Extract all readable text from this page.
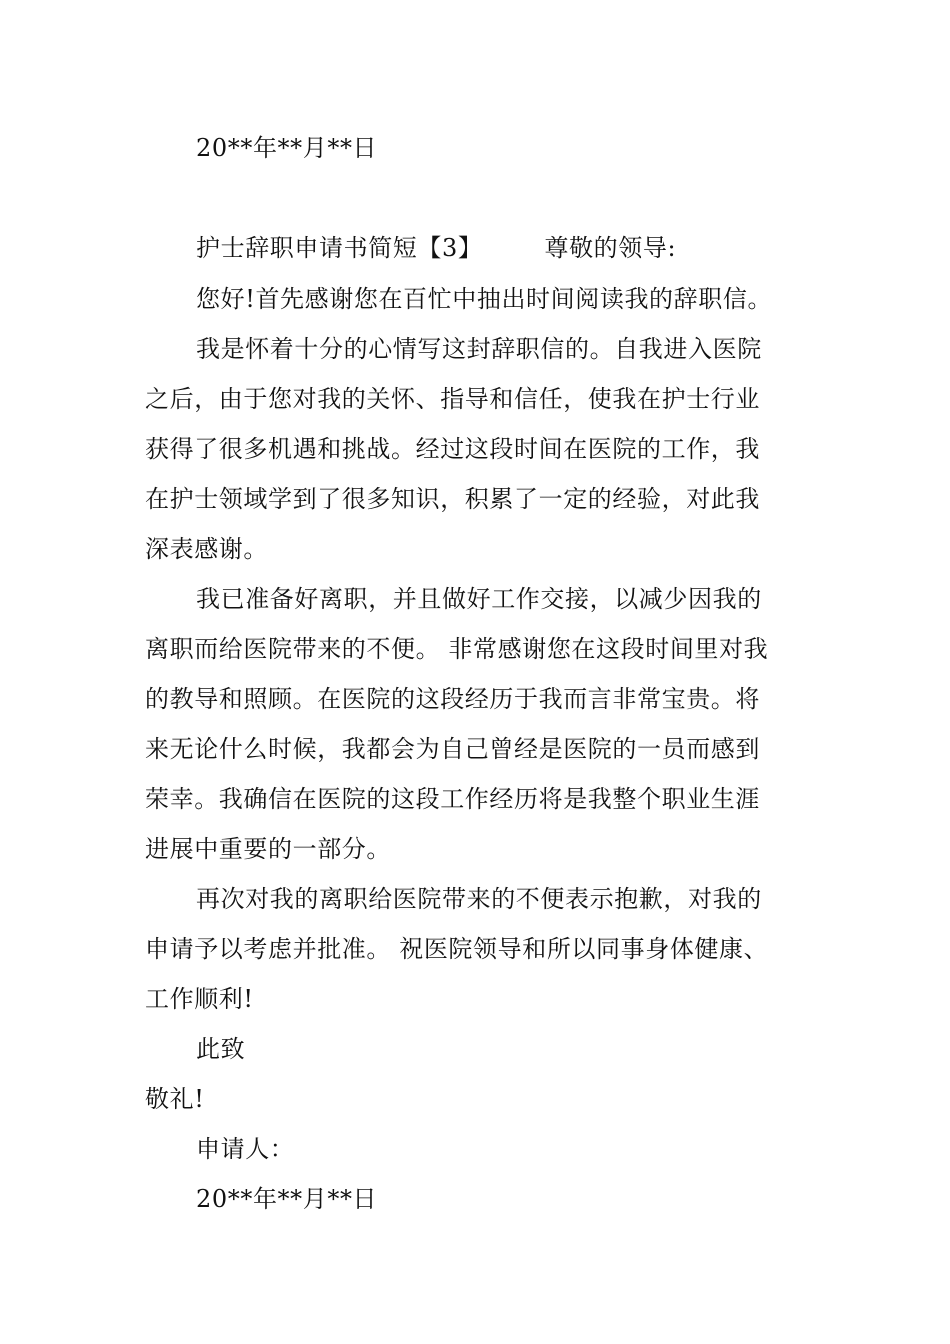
20**年**月**日
护士辞职申请书简短【3】	尊敬的领导:
您好!首先感谢您在百忙中抽出时间阅读我的辞职信。
我是怀着十分的心情写这封辞职信的。自我进入医院
之后，由于您对我的关怀、指导和信任，使我在护士行业
获得了很多机遇和挑战。经过这段时间在医院的工作，我
在护士领域学到了很多知识，积累了一定的经验，对此我
深表感谢。
我已准备好离职，并且做好工作交接，以减少因我的
离职而给医院带来的不便。 非常感谢您在这段时间里对我
的教导和照顾。在医院的这段经历于我而言非常宝贵。将
来无论什么时候，我都会为自己曾经是医院的一员而感到
荣幸。我确信在医院的这段工作经历将是我整个职业生涯
进展中重要的一部分。
再次对我的离职给医院带来的不便表示抱歉，对我的
申请予以考虑并批准。 祝医院领导和所以同事身体健康、
工作顺利!
此致
敬礼!
申请人：
20**年**月**日
